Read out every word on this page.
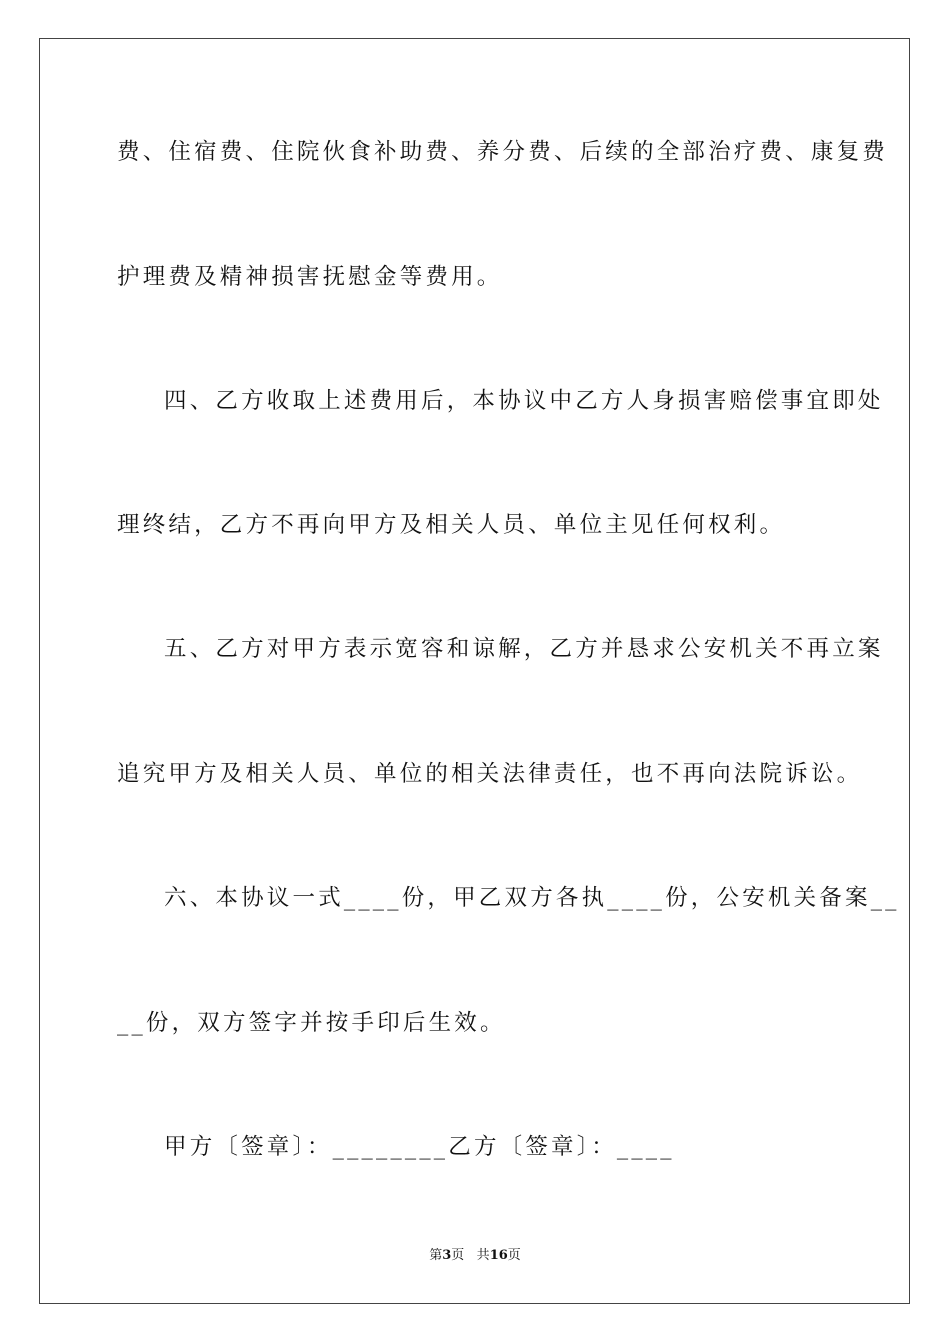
费、住宿费、住院伙食补助费、养分费、后续的全部治疗费、康复费
护理费及精神损害抚慰金等费用。
四、乙方收取上述费用后，本协议中乙方人身损害赔偿事宜即处
理终结，乙方不再向甲方及相关人员、单位主见任何权利。
五、乙方对甲方表示宽容和谅解，乙方并恳求公安机关不再立案
追究甲方及相关人员、单位的相关法律责任，也不再向法院诉讼。
六、本协议一式____份，甲乙双方各执____份，公安机关备案__
__份，双方签字并按手印后生效。
甲方〔签章〕：________乙方〔签章〕：____
第3页 共16页
